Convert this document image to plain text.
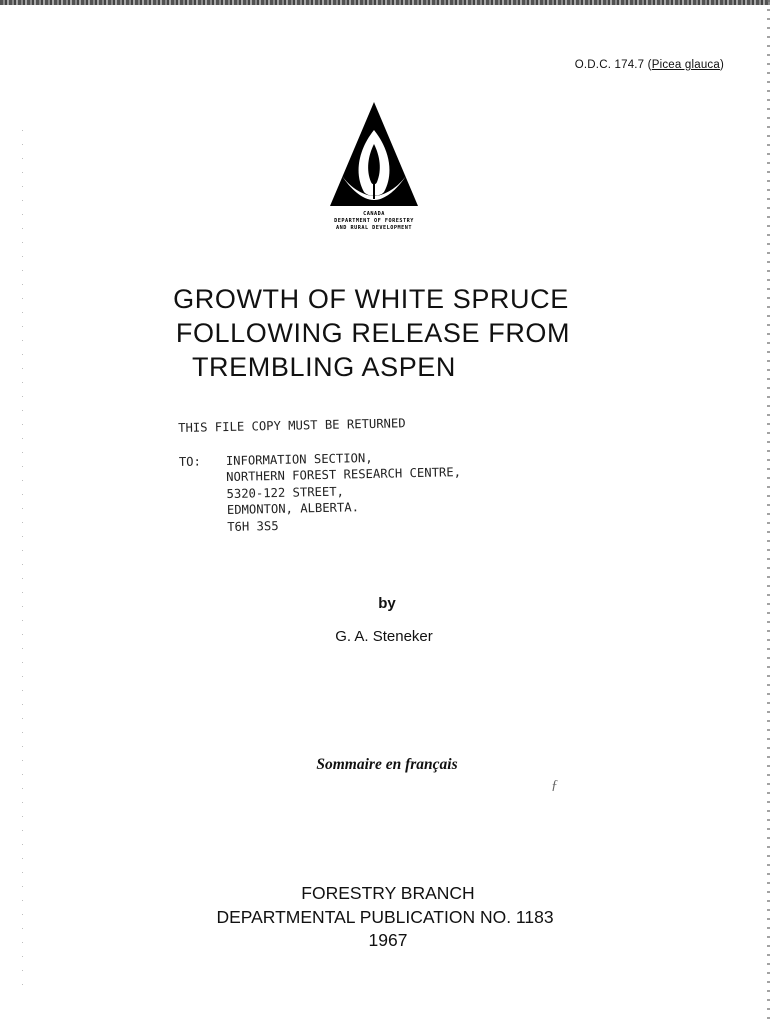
O.D.C. 174.7 (Picea glauca)
CANADA
DEPARTMENT OF FORESTRY
AND RURAL DEVELOPMENT
GROWTH OF WHITE SPRUCE
FOLLOWING RELEASE FROM
TREMBLING ASPEN
THIS FILE COPY MUST BE RETURNED
TO:	INFORMATION SECTION,
NORTHERN FOREST RESEARCH CENTRE,
5320-122 STREET,
EDMONTON, ALBERTA.
T6H 3S5
by
G. A. Steneker
Sommaire en français
ƒ
FORESTRY BRANCH
DEPARTMENTAL PUBLICATION NO. 1183
1967
